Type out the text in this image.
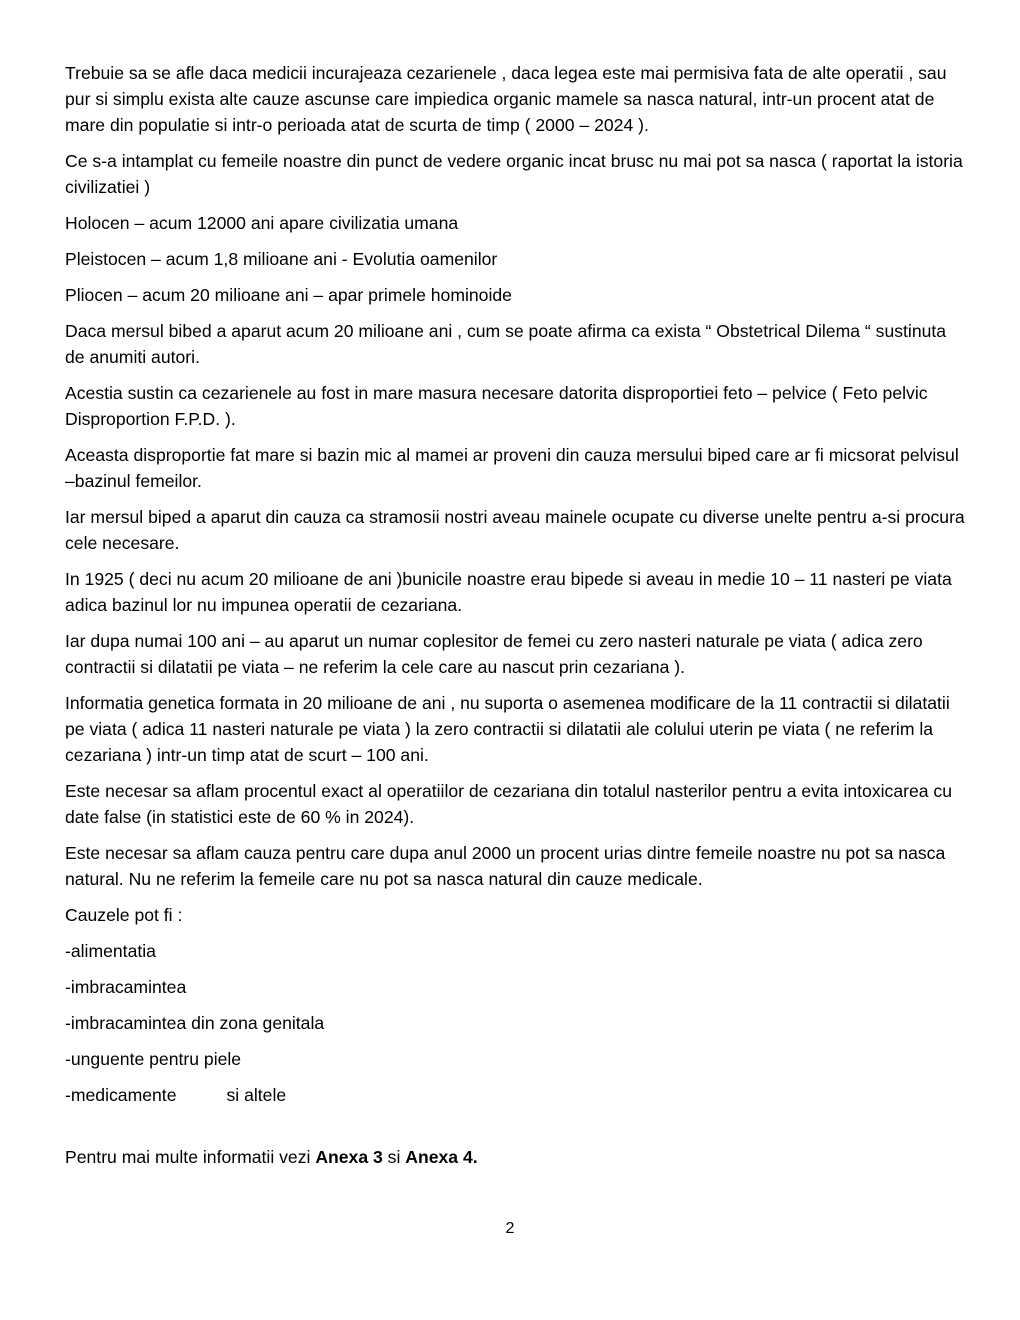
Trebuie sa se afle daca medicii incurajeaza cezarienele , daca legea este mai permisiva fata de alte operatii , sau pur si simplu exista alte cauze ascunse care impiedica organic mamele sa nasca natural, intr-un procent atat de mare din populatie si intr-o perioada atat de scurta de timp ( 2000 – 2024 ).

Ce s-a intamplat cu femeile noastre din punct de vedere organic incat brusc nu mai pot sa nasca ( raportat la istoria civilizatiei )

Holocen – acum 12000 ani apare civilizatia umana

Pleistocen – acum 1,8 milioane ani - Evolutia oamenilor

Pliocen – acum 20 milioane ani – apar primele hominoide

Daca mersul bibed a aparut acum 20 milioane ani , cum se poate afirma ca exista “ Obstetrical Dilema “ sustinuta de anumiti autori.

Acestia sustin ca cezarienele au fost in mare masura necesare datorita disproportiei feto – pelvice ( Feto pelvic Disproportion F.P.D. ).

Aceasta disproportie fat mare si bazin mic al mamei ar proveni din cauza mersului biped care ar fi micsorat pelvisul –bazinul femeilor.

Iar mersul biped a aparut din cauza ca stramosii nostri aveau mainele ocupate cu diverse unelte pentru a-si procura cele necesare.

In 1925 ( deci nu acum 20 milioane de ani )bunicile noastre erau bipede si aveau in medie 10 – 11 nasteri pe viata adica bazinul lor nu impunea operatii de cezariana.

Iar dupa numai 100 ani – au aparut un numar coplesitor de femei cu zero nasteri naturale pe viata ( adica zero contractii si dilatatii pe viata – ne referim la cele care au nascut prin cezariana ).

Informatia genetica formata in 20 milioane de ani , nu suporta o asemenea modificare de la 11 contractii si dilatatii pe viata ( adica 11 nasteri naturale pe viata ) la zero contractii si dilatatii ale colului uterin pe viata ( ne referim la cezariana ) intr-un timp atat de scurt – 100 ani.

Este necesar sa aflam procentul exact al operatiilor de cezariana din totalul nasterilor pentru a evita intoxicarea cu date false (in statistici este de 60 % in 2024).

Este necesar sa aflam cauza pentru care dupa anul 2000 un procent urias dintre femeile noastre nu pot sa nasca natural. Nu ne referim la femeile care nu pot sa nasca natural din cauze medicale.

Cauzele pot fi :

-alimentatia

-imbracamintea

-imbracamintea din zona genitala

-unguente pentru piele

-medicamente	si altele

Pentru mai multe informatii vezi Anexa 3 si Anexa 4.

2
